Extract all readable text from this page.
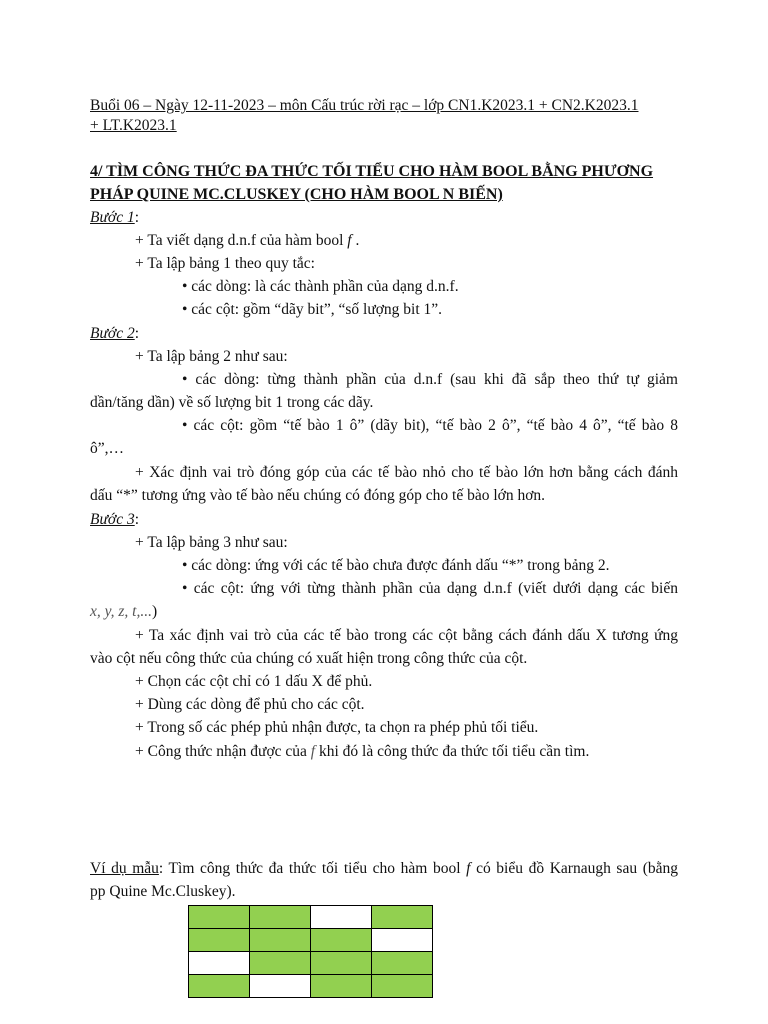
Buổi 06 – Ngày 12-11-2023 – môn Cấu trúc rời rạc – lớp CN1.K2023.1 + CN2.K2023.1
+ LT.K2023.1
4/ TÌM CÔNG THỨC ĐA THỨC TỐI TIỂU CHO HÀM BOOL BẰNG PHƯƠNG
PHÁP QUINE MC.CLUSKEY (CHO HÀM BOOL N BIẾN)
Bước 1:
+ Ta viết dạng d.n.f của hàm bool f .
+ Ta lập bảng 1 theo quy tắc:
• các dòng: là các thành phần của dạng d.n.f.
• các cột: gồm “dãy bit”, “số lượng bit 1”.
Bước 2:
+ Ta lập bảng 2 như sau:
• các dòng: từng thành phần của d.n.f (sau khi đã sắp theo thứ tự giảm
dần/tăng dần) về số lượng bit 1 trong các dãy.
• các cột: gồm “tế bào 1 ô” (dãy bit), “tế bào 2 ô”, “tế bào 4 ô”, “tế bào 8
ô”,…
+ Xác định vai trò đóng góp của các tế bào nhỏ cho tế bào lớn hơn bằng cách đánh
dấu “*” tương ứng vào tế bào nếu chúng có đóng góp cho tế bào lớn hơn.
Bước 3:
+ Ta lập bảng 3 như sau:
• các dòng: ứng với các tế bào chưa được đánh dấu “*” trong bảng 2.
• các cột: ứng với từng thành phần của dạng d.n.f (viết dưới dạng các biến
x, y, z, t,...)
+ Ta xác định vai trò của các tế bào trong các cột bằng cách đánh dấu X tương ứng
vào cột nếu công thức của chúng có xuất hiện trong công thức của cột.
+ Chọn các cột chỉ có 1 dấu X để phủ.
+ Dùng các dòng để phủ cho các cột.
+ Trong số các phép phủ nhận được, ta chọn ra phép phủ tối tiểu.
+ Công thức nhận được của f khi đó là công thức đa thức tối tiểu cần tìm.
Ví dụ mẫu: Tìm công thức đa thức tối tiểu cho hàm bool f có biểu đồ Karnaugh sau (bằng
pp Quine Mc.Cluskey).
